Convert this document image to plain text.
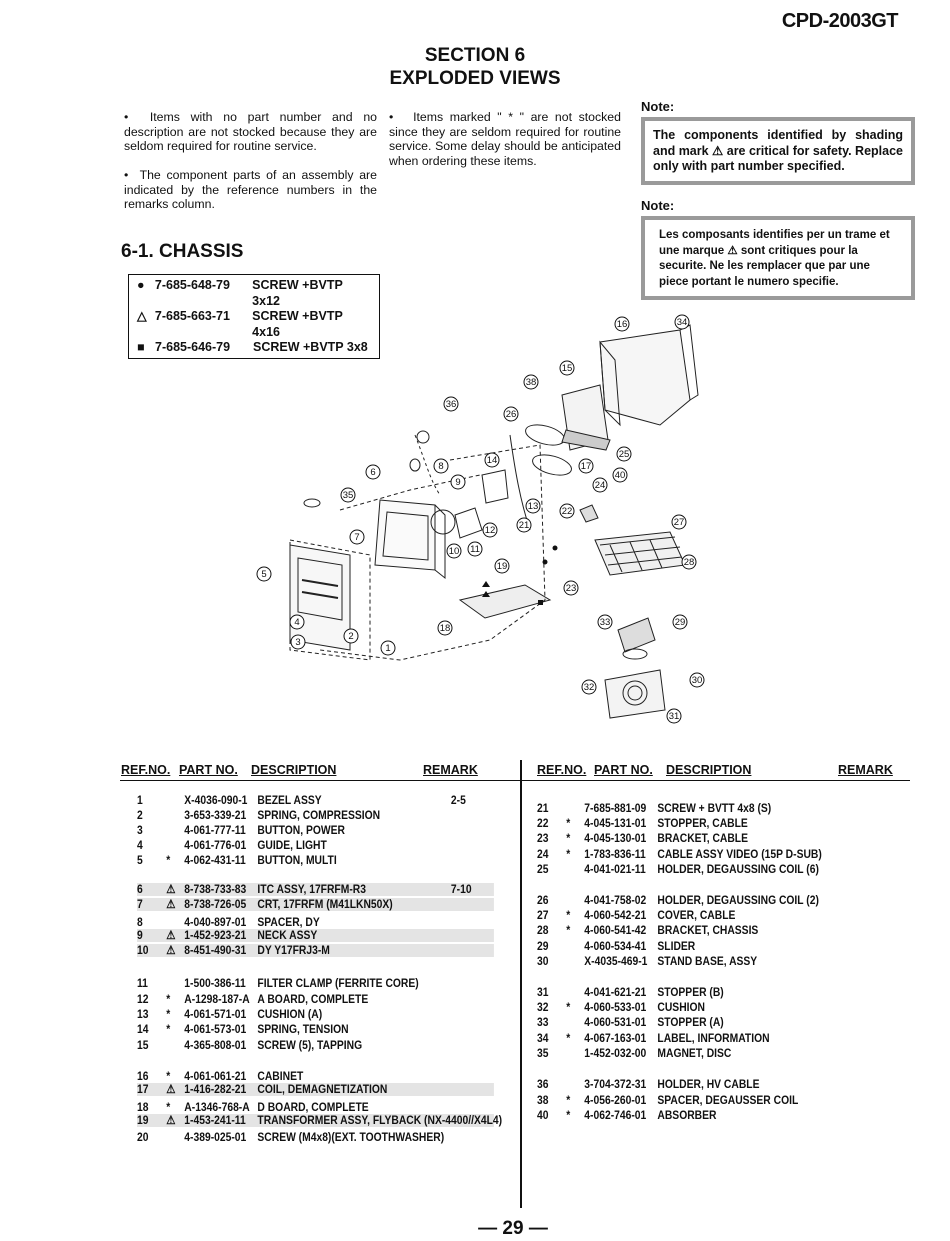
CPD-2003GT
SECTION 6
EXPLODED VIEWS
•  Items with no part number and no description are not stocked because they are seldom required for routine service.
•  The component parts of an assembly are indicated by the reference numbers in the remarks column.
•   Items marked " * " are not stocked since they are seldom required for routine service. Some delay should be anticipated when ordering these items.
Note:
The components identified by shading and mark ⚠ are critical for safety. Replace only with part number specified.
Note:
Les composants identifies per un trame et une marque ⚠ sont critiques pour la securite. Ne les remplacer que par une piece portant le numero specifie.
6-1. CHASSIS
● 7-685-648-79	SCREW +BVTP 3x12
△ 7-685-663-71	SCREW +BVTP 4x16
■ 7-685-646-79	SCREW +BVTP 3x8
1
2
3
4
5
6
7
8
9
10 11
12
13
14
15
16
17
18
19
21
22
23
24
25
26
27
28
29
30
31
32
33
34
35
36
38
40
REF.NO. PART NO. DESCRIPTION	REMARK	REF.NO. PART NO. DESCRIPTION	REMARK
1	X-4036-090-1 BEZEL ASSY	2-5
2	3-653-339-21 SPRING, COMPRESSION
3	4-061-777-11 BUTTON, POWER
4	4-061-776-01 GUIDE, LIGHT
5	*	4-062-431-11 BUTTON, MULTI
6	⚠ 8-738-733-83 ITC ASSY, 17FRFM-R3	7-10
7	⚠ 8-738-726-05 CRT, 17FRFM (M41LKN50X)
8	4-040-897-01 SPACER, DY
9	⚠ 1-452-923-21 NECK ASSY
10	⚠ 8-451-490-31 DY Y17FRJ3-M
11	1-500-386-11 FILTER CLAMP (FERRITE CORE)
12	*	A-1298-187-A A BOARD, COMPLETE
13	*	4-061-571-01 CUSHION (A)
14	*	4-061-573-01 SPRING, TENSION
15	4-365-808-01 SCREW (5), TAPPING
16	*	4-061-061-21 CABINET
17	⚠ 1-416-282-21 COIL, DEMAGNETIZATION
18	*	A-1346-768-A D BOARD, COMPLETE
19	⚠ 1-453-241-11 TRANSFORMER ASSY, FLYBACK (NX-4400//X4L4)
20	4-389-025-01 SCREW (M4x8)(EXT. TOOTHWASHER)
21	7-685-881-09 SCREW + BVTT 4x8 (S)
22	*	4-045-131-01 STOPPER, CABLE
23	*	4-045-130-01 BRACKET, CABLE
24	*	1-783-836-11 CABLE ASSY VIDEO (15P D-SUB)
25	4-041-021-11 HOLDER, DEGAUSSING COIL (6)
26	4-041-758-02 HOLDER, DEGAUSSING COIL (2)
27	*	4-060-542-21 COVER, CABLE
28	*	4-060-541-42 BRACKET, CHASSIS
29	4-060-534-41 SLIDER
30	X-4035-469-1 STAND BASE, ASSY
31	4-041-621-21 STOPPER (B)
32	*	4-060-533-01 CUSHION
33	4-060-531-01 STOPPER (A)
34	*	4-067-163-01 LABEL, INFORMATION
35	1-452-032-00 MAGNET, DISC
36	3-704-372-31 HOLDER, HV CABLE
38	*	4-056-260-01 SPACER, DEGAUSSER COIL
40	*	4-062-746-01 ABSORBER
— 29 —
